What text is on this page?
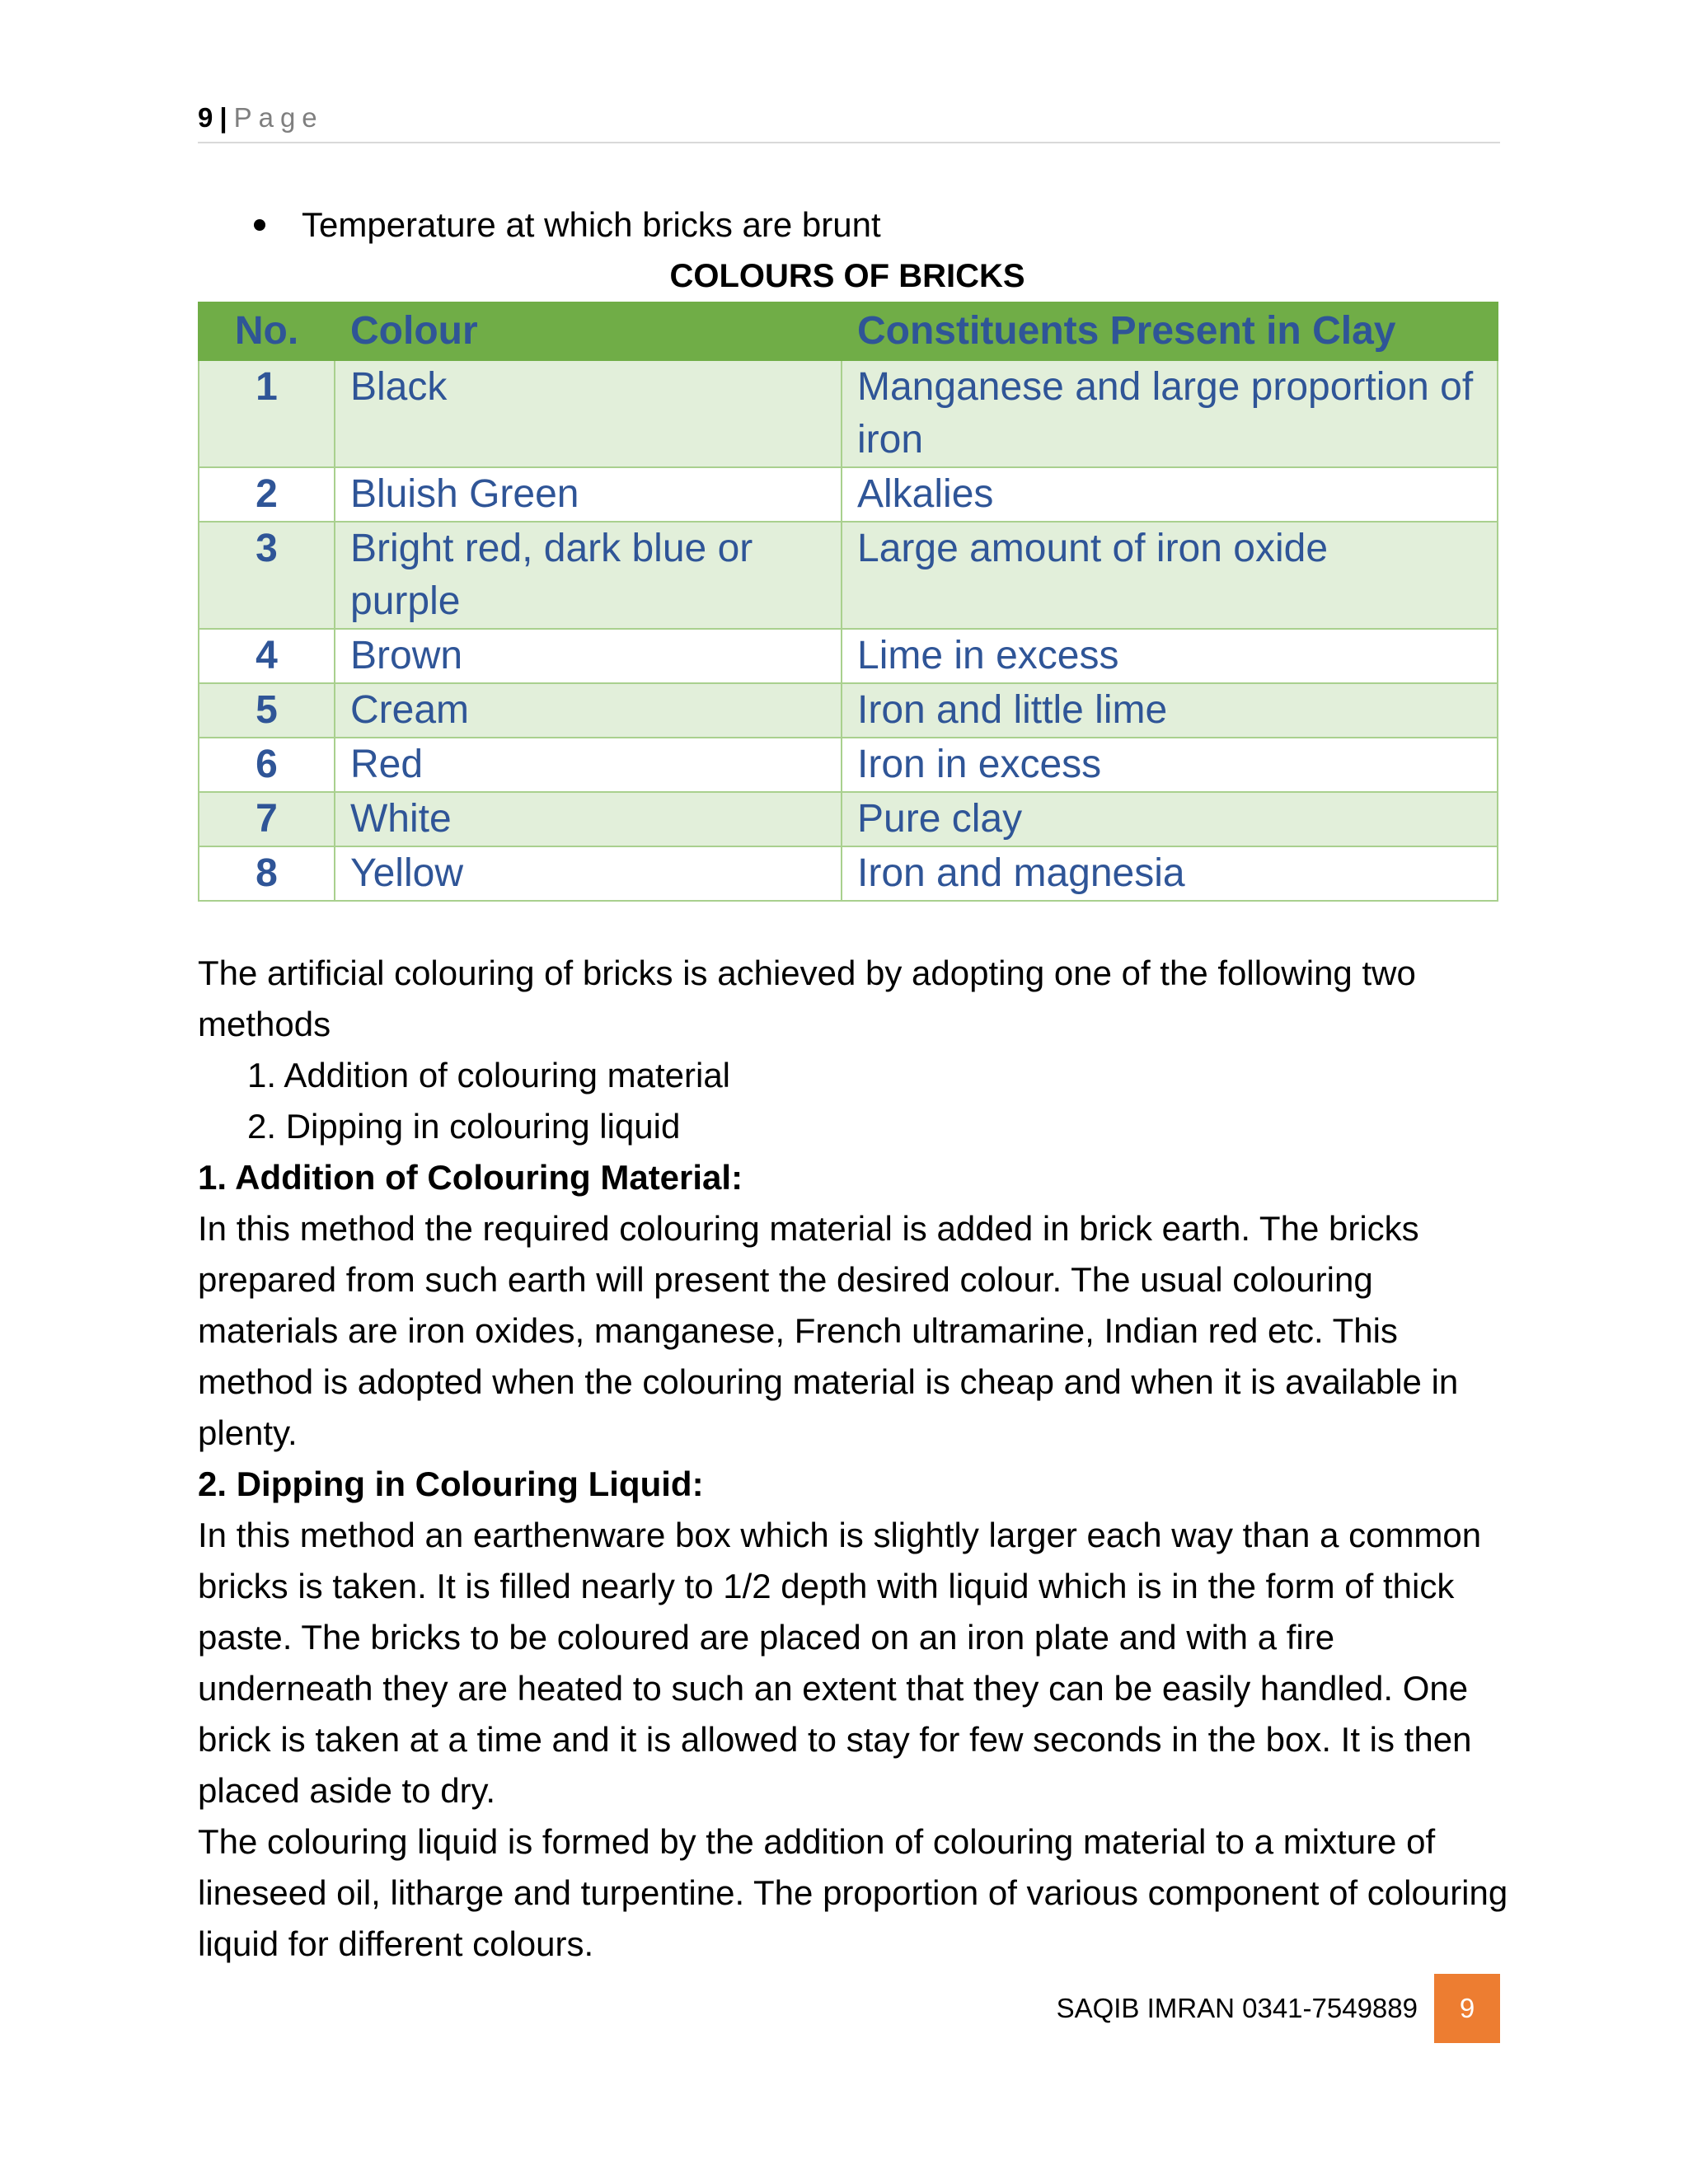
9 | Page
Temperature at which bricks are brunt
COLOURS OF BRICKS
No.	Colour	Constituents Present in Clay
1	Black	Manganese and large proportion of iron
2	Bluish Green	Alkalies
3	Bright red, dark blue or purple	Large amount of iron oxide
4	Brown	Lime in excess
5	Cream	Iron and little lime
6	Red	Iron in excess
7	White	Pure clay
8	Yellow	Iron and magnesia

The artificial colouring of bricks is achieved by adopting one of the following two methods

1. Addition of colouring material
2. Dipping in colouring liquid

1. Addition of Colouring Material:

In this method the required colouring material is added in brick earth. The bricks prepared from such earth will present the desired colour. The usual colouring materials are iron oxides, manganese, French ultramarine, Indian red etc. This method is adopted when the colouring material is cheap and when it is available in plenty.

2. Dipping in Colouring Liquid:

In this method an earthenware box which is slightly larger each way than a common bricks is taken. It is filled nearly to 1/2 depth with liquid which is in the form of thick paste. The bricks to be coloured are placed on an iron plate and with a fire underneath they are heated to such an extent that they can be easily handled. One brick is taken at a time and it is allowed to stay for few seconds in the box. It is then placed aside to dry.

The colouring liquid is formed by the addition of colouring material to a mixture of lineseed oil, litharge and turpentine. The proportion of various component of colouring liquid for different colours.

SAQIB IMRAN 0341-7549889	9
